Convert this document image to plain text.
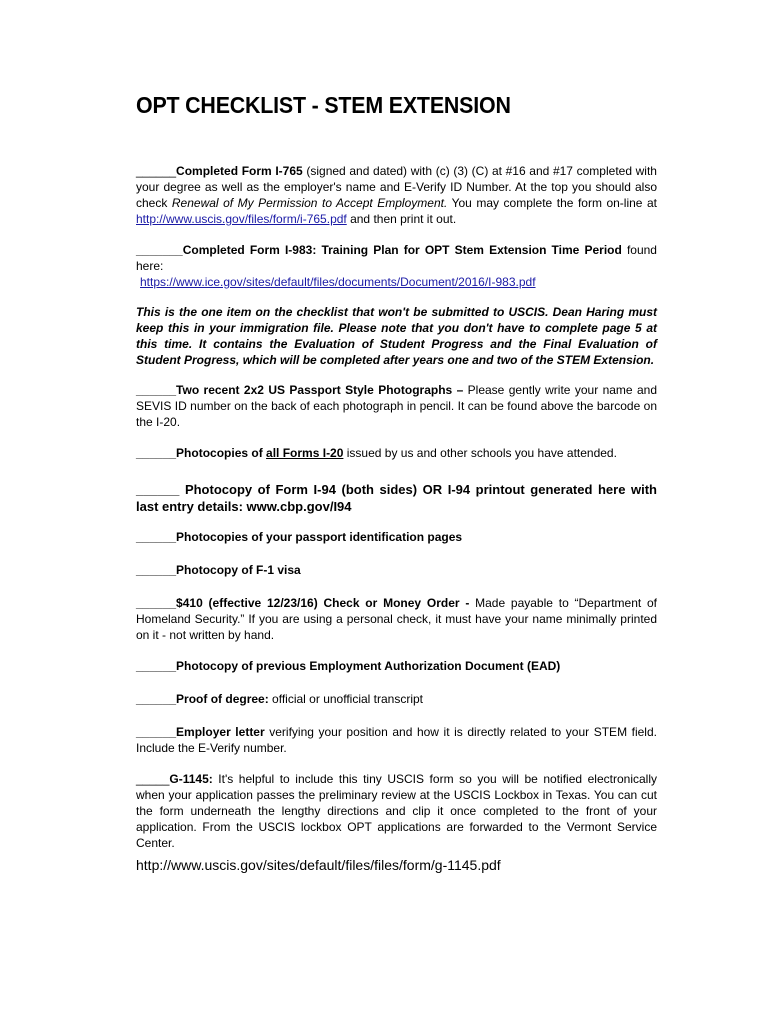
OPT CHECKLIST - STEM EXTENSION

______Completed Form I-765 (signed and dated) with (c) (3) (C) at #16 and #17 completed with your degree as well as the employer's name and E-Verify ID Number. At the top you should also check Renewal of My Permission to Accept Employment. You may complete the form on-line at http://www.uscis.gov/files/form/i-765.pdf and then print it out.

_______Completed Form I-983: Training Plan for OPT Stem Extension Time Period found here:
https://www.ice.gov/sites/default/files/documents/Document/2016/I-983.pdf

This is the one item on the checklist that won't be submitted to USCIS. Dean Haring must keep this in your immigration file. Please note that you don't have to complete page 5 at this time. It contains the Evaluation of Student Progress and the Final Evaluation of Student Progress, which will be completed after years one and two of the STEM Extension.

______Two recent 2x2 US Passport Style Photographs – Please gently write your name and SEVIS ID number on the back of each photograph in pencil. It can be found above the barcode on the I-20.

______Photocopies of all Forms I-20 issued by us and other schools you have attended.

______ Photocopy of Form I-94 (both sides) OR I-94 printout generated here with last entry details: www.cbp.gov/I94

______Photocopies of your passport identification pages

______Photocopy of F-1 visa

______$410 (effective 12/23/16) Check or Money Order - Made payable to “Department of Homeland Security.” If you are using a personal check, it must have your name minimally printed on it - not written by hand.

______Photocopy of previous Employment Authorization Document (EAD)

______Proof of degree: official or unofficial transcript

______Employer letter verifying your position and how it is directly related to your STEM field. Include the E-Verify number.

_____G-1145: It's helpful to include this tiny USCIS form so you will be notified electronically when your application passes the preliminary review at the USCIS Lockbox in Texas. You can cut the form underneath the lengthy directions and clip it once completed to the front of your application. From the USCIS lockbox OPT applications are forwarded to the Vermont Service Center.

http://www.uscis.gov/sites/default/files/files/form/g-1145.pdf
